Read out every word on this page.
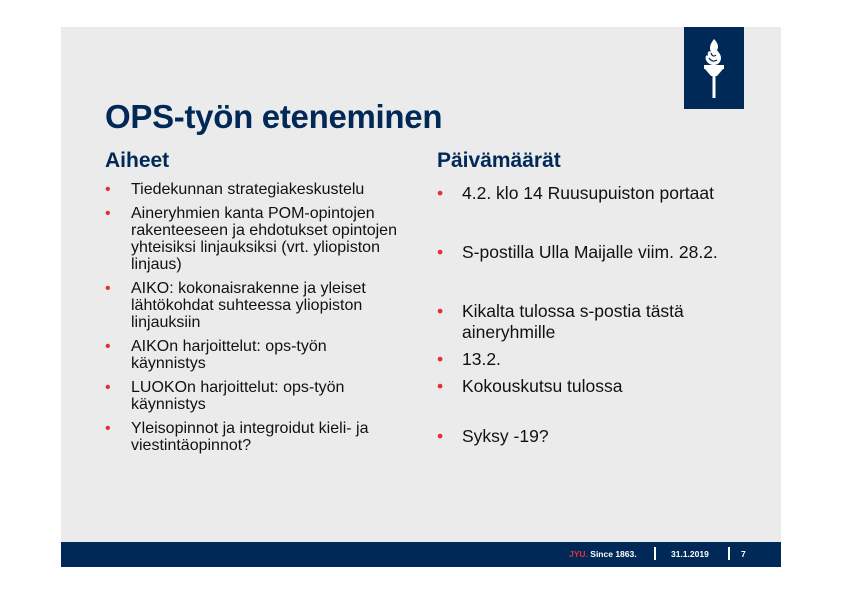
OPS-työn eteneminen
Aiheet	Päivämäärät
• Tiedekunnan strategiakeskustelu
• Aineryhmien kanta POM-opintojen rakenteeseen ja ehdotukset opintojen yhteisiksi linjauksiksi (vrt. yliopiston linjaus)
• AIKO: kokonaisrakenne ja yleiset lähtökohdat suhteessa yliopiston linjauksiin
• AIKOn harjoittelut: ops-työn käynnistys
• LUOKOn harjoittelut: ops-työn käynnistys
• Yleisopinnot ja integroidut kieli- ja viestintäopinnot?
• 4.2. klo 14 Ruusupuiston portaat
• S-postilla Ulla Maijalle viim. 28.2.
• Kikalta tulossa s-postia tästä aineryhmille
• 13.2.
• Kokouskutsu tulossa
• Syksy -19?
JYU. Since 1863.	31.1.2019	7
